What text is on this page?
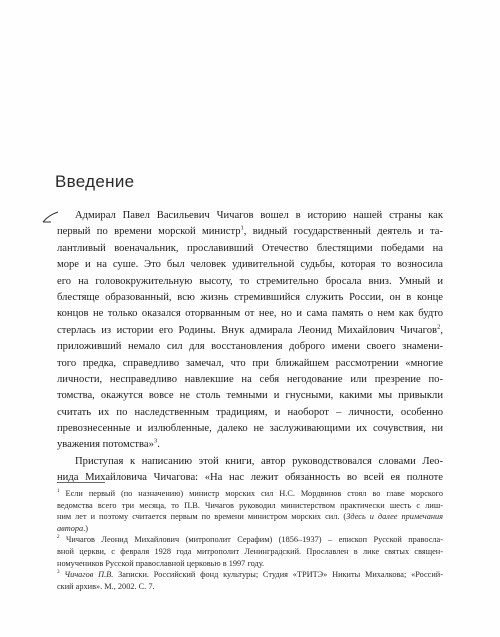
Введение
Адмирал Павел Васильевич Чичагов вошел в историю нашей страны как
первый по времени морской министр$^1$, видный государственный деятель и та-
лантливый военачальник, прославивший Отечество блестящими победами на
море и на суше. Это был человек удивительной судьбы, которая то возносила
его на головокружительную высоту, то стремительно бросала вниз. Умный и
блестяще образованный, всю жизнь стремившийся служить России, он в конце
концов не только оказался оторванным от нее, но и сама память о нем как будто
стерлась из истории его Родины. Внук адмирала Леонид Михайлович Чичагов$^2$,
приложивший немало сил для восстановления доброго имени своего знамени-
того предка, справедливо замечал, что при ближайшем рассмотрении «многие
личности, несправедливо навлекшие на себя негодование или презрение по-
томства, окажутся вовсе не столь темными и гнусными, какими мы привыкли
считать их по наследственным традициям, и наоборот – личности, особенно
превознесенные и излюбленные, далеко не заслуживающими их сочувствия, ни
уважения потомства»$^3$.
Приступая к написанию этой книги, автор руководствовался словами Лео-
нида Михайловича Чичагова: «На нас лежит обязанность во всей ея полноте
$^1$ Если первый (по назначению) министр морских сил Н.С. Мордвинов стоял во главе морского
ведомства всего три месяца, то П.В. Чичагов руководил министерством практически шесть с лиш-
ним лет и поэтому считается первым по времени министром морских сил. (Здесь и далее примечания
автора.)
$^2$ Чичагов Леонид Михайлович (митрополит Серафим) (1856–1937) – епископ Русской правосла-
вной церкви, с февраля 1928 года митрополит Ленинградский. Прославлен в лике святых священ-
номучеников Русской православной церковью в 1997 году.
$^3$ Чичагов П.В. Записки. Российский фонд культуры; Студия «ТРИТЭ» Никиты Михалкова; «Россий-
ский архив». М., 2002. С. 7.
